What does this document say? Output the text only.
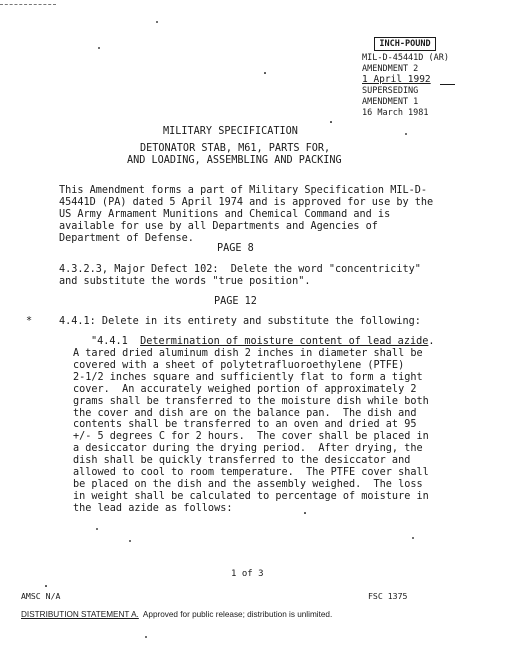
INCH-POUND
MIL-D-45441D (AR)
AMENDMENT 2
1 April 1992
SUPERSEDING
AMENDMENT 1
16 March 1981
MILITARY SPECIFICATION
DETONATOR STAB, M61, PARTS FOR,
AND LOADING, ASSEMBLING AND PACKING
This Amendment forms a part of Military Specification MIL-D-
45441D (PA) dated 5 April 1974 and is approved for use by the
US Army Armament Munitions and Chemical Command and is
available for use by all Departments and Agencies of
Department of Defense.
PAGE 8
4.3.2.3, Major Defect 102:  Delete the word "concentricity"
and substitute the words "true position".
PAGE 12
*	4.4.1: Delete in its entirety and substitute the following:
"4.4.1  Determination of moisture content of lead azide.
A tared dried aluminum dish 2 inches in diameter shall be
covered with a sheet of polytetrafluoroethylene (PTFE)
2-1/2 inches square and sufficiently flat to form a tight
cover.  An accurately weighed portion of approximately 2
grams shall be transferred to the moisture dish while both
the cover and dish are on the balance pan.  The dish and
contents shall be transferred to an oven and dried at 95
+/- 5 degrees C for 2 hours.  The cover shall be placed in
a desiccator during the drying period.  After drying, the
dish shall be quickly transferred to the desiccator and
allowed to cool to room temperature.  The PTFE cover shall
be placed on the dish and the assembly weighed.  The loss
in weight shall be calculated to percentage of moisture in
the lead azide as follows:
1 of 3
AMSC N/A	FSC 1375
DISTRIBUTION STATEMENT A.  Approved for public release; distribution is unlimited.
